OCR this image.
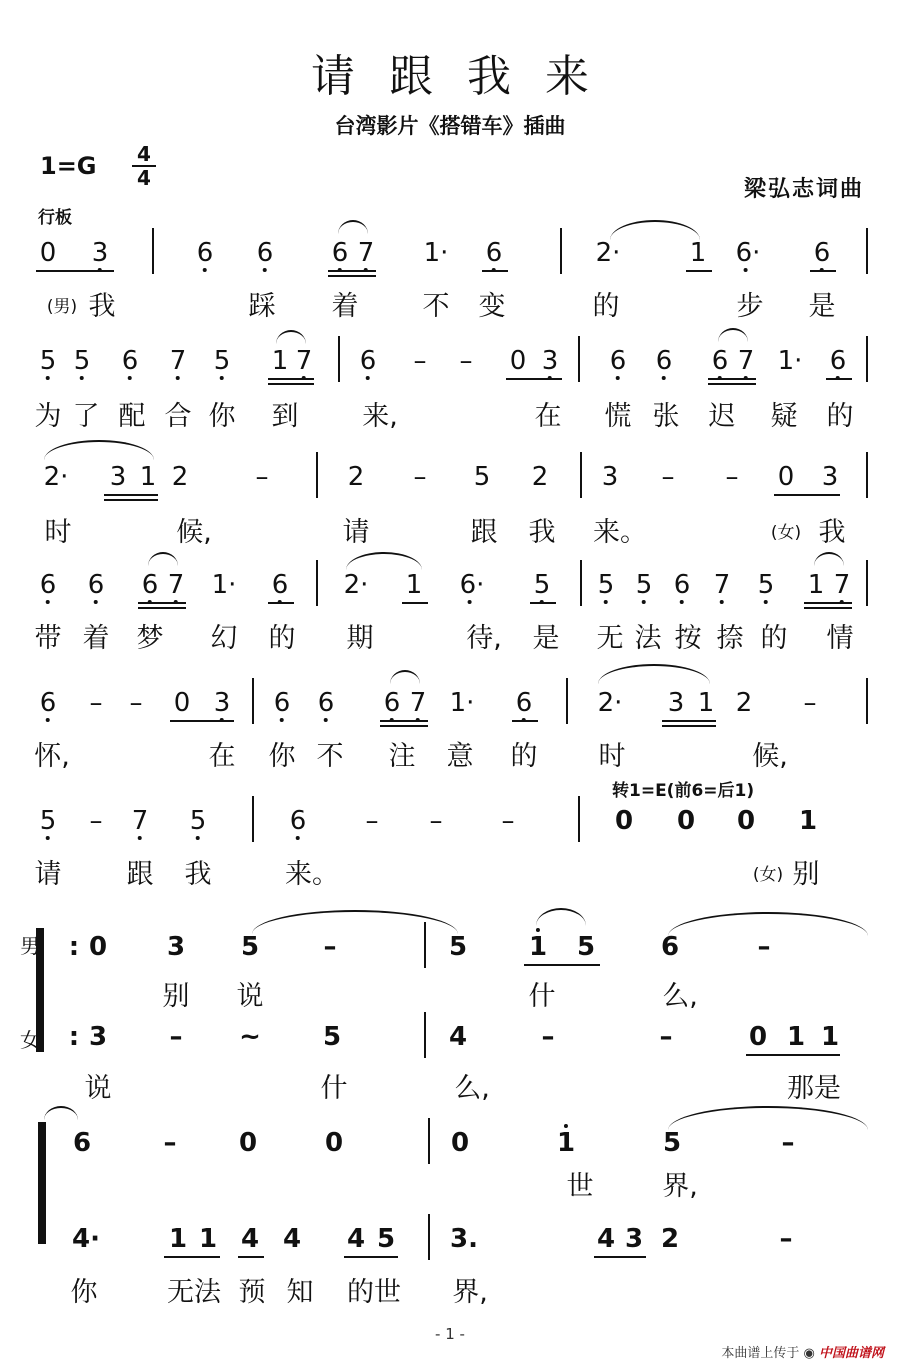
请跟我来
台湾影片《搭错车》插曲
1=G 4
4	梁弘志词曲
行板
0 3	6 6 6 7 1· 6	2·	1 6· 6
(男) 我	踩 着 不 变	的	步 是
5 5 6 7 5 1 7 6 – – 0 3 6 6 6 7 1· 6
为 了 配 合 你 到 来,	在 慌 张 迟 疑 的
2· 3 1 2	–	2 – 5 2 3 – – 0 3
时	候,	请	跟 我 来。	(女) 我
6 6 6 7 1· 6 2· 1 6· 5 5 5 6 7 5 1 7
带 着 梦 幻 的 期	待, 是 无 法 按 捺 的 情
6 – – 0 3 6 6 6 7 1· 6	2· 3 1 2 –
怀,	在 你 不 注 意 的 时	候,
转1=E(前6=后1)
5 – 7 5	6 – – –	0 0 0 1
请 跟 我	来。	(女) 别
男
女
: 0 3 5 –	5 1 5	6	–
别 说	什	么,
: 3 – ~ 5	4	–	–	0 1 1
说	什	么,	那是
6	– 0	0	0	1	5	–
世	界,
4·	1 1 4 4 4 5 3.	4 3 2	–
你	无法 预 知 的世 界,
- 1 -
本曲谱上传于 ◉ 中国曲谱网
